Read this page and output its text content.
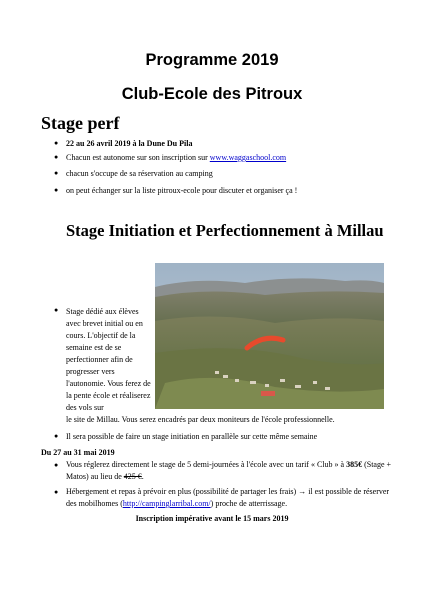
Programme 2019
Club-Ecole des Pitroux
Stage perf
● 22 au 26 avril 2019 à la Dune Du Pila
● Chacun est autonome sur son inscription sur www.waggaschool.com
● chacun s'occupe de sa réservation au camping
● on peut échanger sur la liste pitroux-ecole pour discuter et organiser ça !
Stage Initiation et Perfectionnement à Millau
● Stage dédié aux élèves avec brevet initial ou en cours. L'objectif de la semaine est de se perfectionner afin de progresser vers l'autonomie. Vous ferez de la pente école et réaliserez des vols sur
le site de Millau. Vous serez encadrés par deux moniteurs de l'école professionnelle.

● Il sera possible de faire un stage initiation en parallèle sur cette même semaine
Du 27 au 31 mai 2019
● Vous réglerez directement le stage de 5 demi-journées à l'école avec un tarif « Club » à 385€ (Stage + Matos) au lieu de 425 €.
● Hébergement et repas à prévoir en plus (possibilité de partager les frais) → il est possible de réserver des mobilhomes (http://campinglarribal.com/) proche de atterrissage.
Inscription impérative avant le 15 mars 2019
